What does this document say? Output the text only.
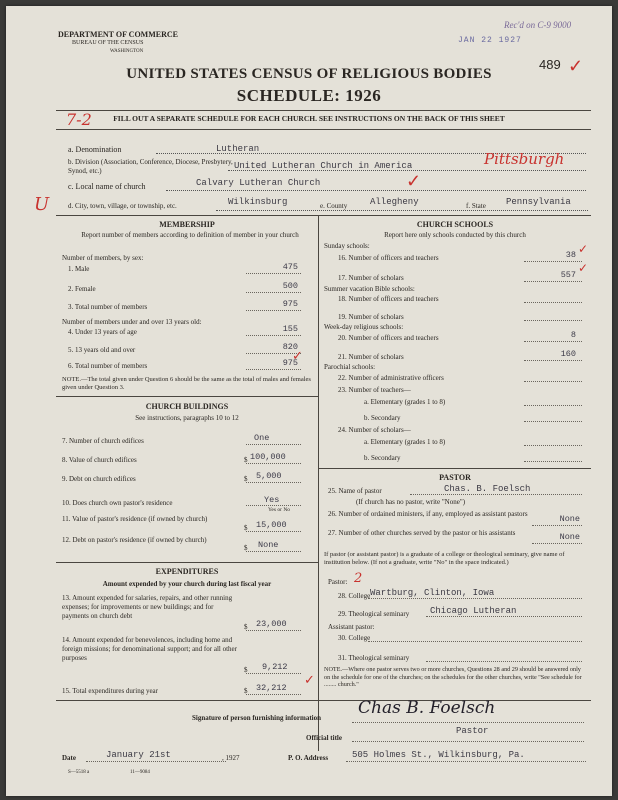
DEPARTMENT OF COMMERCE
BUREAU OF THE CENSUS
WASHINGTON
Rec'd on C-9 9000
JAN 22 1927
489 ✓
UNITED STATES CENSUS OF RELIGIOUS BODIES
SCHEDULE: 1926
7-2	FILL OUT A SEPARATE SCHEDULE FOR EACH CHURCH. SEE INSTRUCTIONS ON THE BACK OF THIS SHEET
a. Denomination	Lutheran
b. Division (Association, Conference, Diocese, Presbytery, Synod, etc.)	United Lutheran Church in America	Pittsburgh
c. Local name of church	Calvary Lutheran Church	✓
U	d. City, town, village, or township, etc.	Wilkinsburg	e. County	Allegheny	f. State Pennsylvania
MEMBERSHIP
Report number of members according to definition of member in your church
Number of members, by sex:
1. Male	475
2. Female	500
3. Total number of members	975
Number of members under and over 13 years old:
4. Under 13 years of age	155
5. 13 years old and over	820
6. Total number of members	975
✓
NOTE.—The total given under Question 6 should be the same as the total of males and females given under Question 3.
CHURCH BUILDINGS
See instructions, paragraphs 10 to 12
7. Number of church edifices	One
8. Value of church edifices	$ 100,000
9. Debt on church edifices	$ 5,000
10. Does church own pastor's residence	Yes
Yes or No
11. Value of pastor's residence (if owned by church)
$ 15,000
12. Debt on pastor's residence (if owned by church)
$ None
EXPENDITURES
Amount expended by your church during last fiscal year
13. Amount expended for salaries, repairs, and other running expenses; for improvements or new buildings; and for payments on church debt
$ 23,000
14. Amount expended for benevolences, including home and foreign missions; for denominational support; and for all other purposes
$ 9,212
15. Total expenditures during year	$ 32,212
✓
CHURCH SCHOOLS
Report here only schools conducted by this church
Sunday schools:
16. Number of officers and teachers	38 ✓
17. Number of scholars	557 ✓
Summer vacation Bible schools:
18. Number of officers and teachers
19. Number of scholars
Week-day religious schools:
20. Number of officers and teachers	8
21. Number of scholars	160
Parochial schools:
22. Number of administrative officers
23. Number of teachers—
a. Elementary (grades 1 to 8)
b. Secondary
24. Number of scholars—
a. Elementary (grades 1 to 8)
b. Secondary
PASTOR
25. Name of pastor	Chas. B. Foelsch
(If church has no pastor, write "None")
26. Number of ordained ministers, if any, employed as assistant pastors	None
27. Number of other churches served by the pastor or his assistants	None
If pastor (or assistant pastor) is a graduate of a college or theological seminary, give name of institution below. (If not a graduate, write "No" in the space indicated.)
Pastor: 2
28. College Wartburg, Clinton, Iowa
29. Theological seminary Chicago Lutheran
Assistant pastor:
30. College
31. Theological seminary
NOTE.—Where one pastor serves two or more churches, Questions 28 and 29 should be answered only on the schedule for one of the churches; on the schedules for the other churches, write "See schedule for ........ church."
Signature of person furnishing information Chas B. Foelsch
Official title
Pastor
Date	January 21st	, 1927	P. O. Address	505 Holmes St., Wilkinsburg, Pa.
S—5518 a	11—9084
